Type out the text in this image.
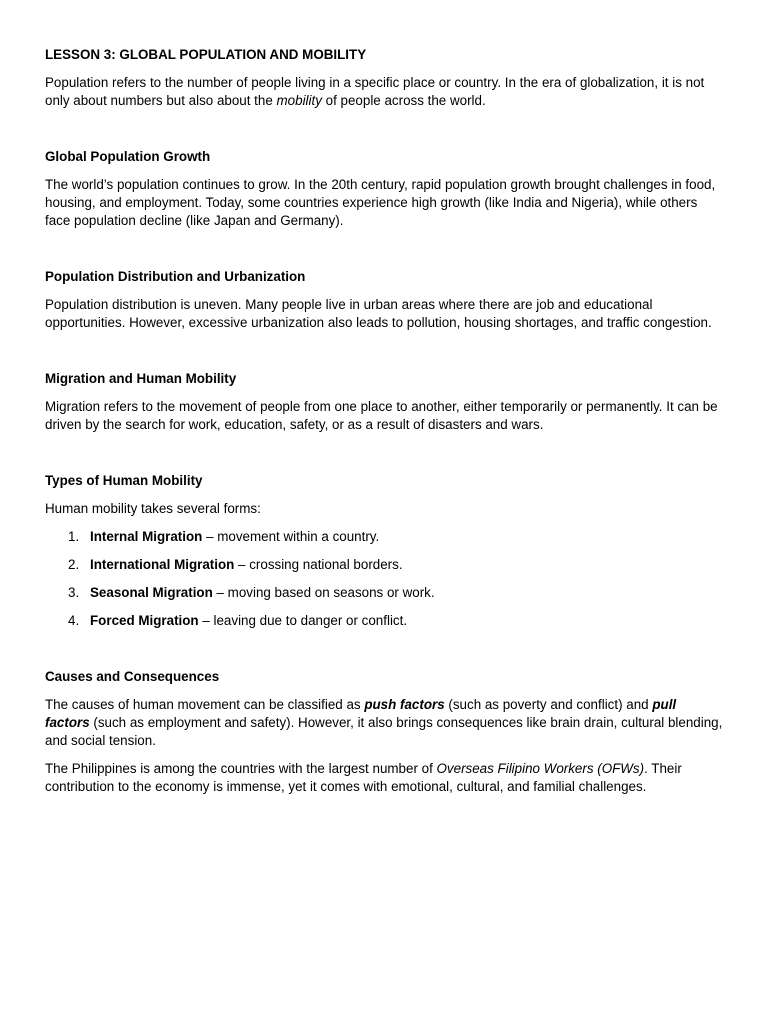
LESSON 3: GLOBAL POPULATION AND MOBILITY

Population refers to the number of people living in a specific place or country. In the era of globalization, it is not only about numbers but also about the mobility of people across the world.

Global Population Growth

The world’s population continues to grow. In the 20th century, rapid population growth brought challenges in food, housing, and employment. Today, some countries experience high growth (like India and Nigeria), while others face population decline (like Japan and Germany).

Population Distribution and Urbanization

Population distribution is uneven. Many people live in urban areas where there are job and educational opportunities. However, excessive urbanization also leads to pollution, housing shortages, and traffic congestion.

Migration and Human Mobility

Migration refers to the movement of people from one place to another, either temporarily or permanently. It can be driven by the search for work, education, safety, or as a result of disasters and wars.

Types of Human Mobility

Human mobility takes several forms:

1. Internal Migration – movement within a country.
2. International Migration – crossing national borders.
3. Seasonal Migration – moving based on seasons or work.
4. Forced Migration – leaving due to danger or conflict.
Causes and Consequences

The causes of human movement can be classified as push factors (such as poverty and conflict) and pull factors (such as employment and safety). However, it also brings consequences like brain drain, cultural blending, and social tension.

The Philippines is among the countries with the largest number of Overseas Filipino Workers (OFWs). Their contribution to the economy is immense, yet it comes with emotional, cultural, and familial challenges.
